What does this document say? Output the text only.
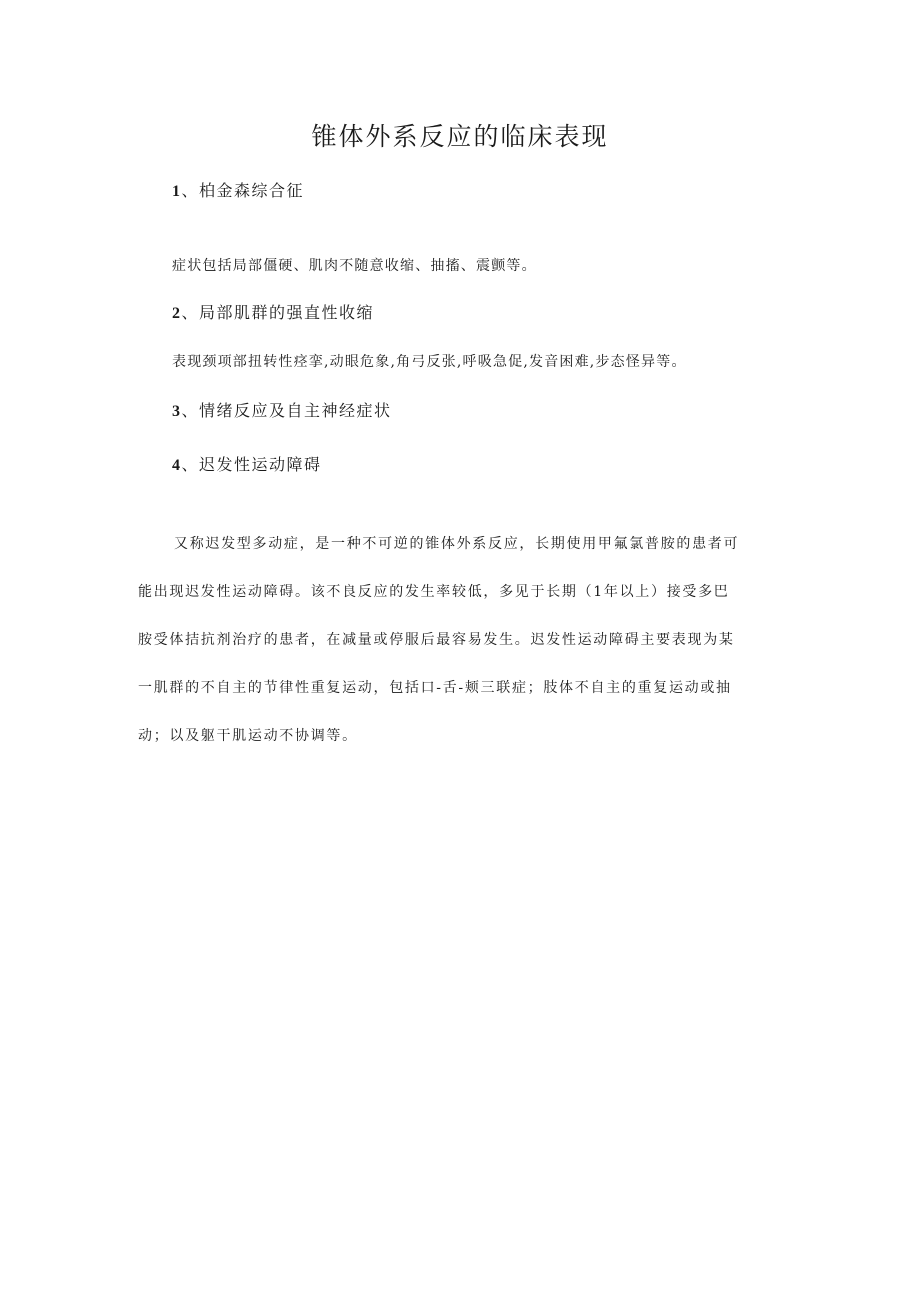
锥体外系反应的临床表现
1、柏金森综合征
症状包括局部僵硬、肌肉不随意收缩、抽搐、震颤等。
2、局部肌群的强直性收缩
表现颈项部扭转性痉挛,动眼危象,角弓反张,呼吸急促,发音困难,步态怪异等。
3、情绪反应及自主神经症状
4、迟发性运动障碍
又称迟发型多动症，是一种不可逆的锥体外系反应，长期使用甲氟氯普胺的患者可
能出现迟发性运动障碍。该不良反应的发生率较低，多见于长期（1年以上）接受多巴
胺受体拮抗剂治疗的患者，在减量或停服后最容易发生。迟发性运动障碍主要表现为某
一肌群的不自主的节律性重复运动，包括口-舌-颊三联症；肢体不自主的重复运动或抽
动；以及躯干肌运动不协调等。
